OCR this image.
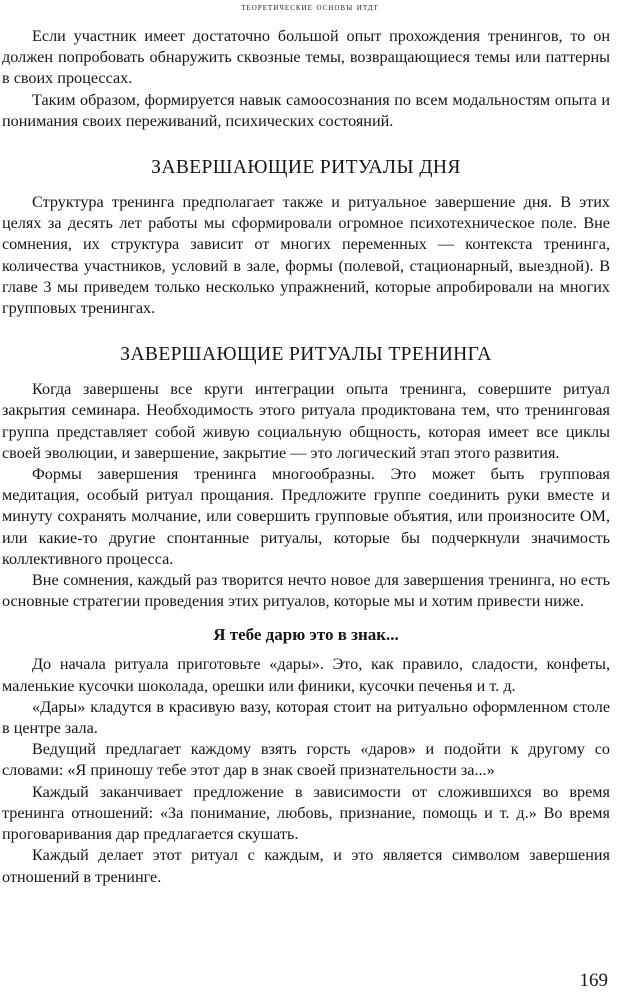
теоретические основы итдт

Если участник имеет достаточно большой опыт прохождения тренингов, то он должен попробовать обнаружить сквозные темы, возвращающиеся темы или паттерны в своих процессах.

Таким образом, формируется навык самоосознания по всем модальностям опыта и понимания своих переживаний, психических состояний.

ЗАВЕРШАЮЩИЕ РИТУАЛЫ ДНЯ

Структура тренинга предполагает также и ритуальное завершение дня. В этих целях за десять лет работы мы сформировали огромное психотехническое поле. Вне сомнения, их структура зависит от многих переменных — контекста тренинга, количества участников, условий в зале, формы (полевой, стационарный, выездной). В главе 3 мы приведем только несколько упражнений, которые апробировали на многих групповых тренингах.

ЗАВЕРШАЮЩИЕ РИТУАЛЫ ТРЕНИНГА

Когда завершены все круги интеграции опыта тренинга, совершите ритуал закрытия семинара. Необходимость этого ритуала продиктована тем, что тренинговая группа представляет собой живую социальную общность, которая имеет все циклы своей эволюции, и завершение, закрытие — это логический этап этого развития.

Формы завершения тренинга многообразны. Это может быть групповая медитация, особый ритуал прощания. Предложите группе соединить руки вместе и минуту сохранять молчание, или совершить групповые объятия, или произносите ОМ, или какие-то другие спонтанные ритуалы, которые бы подчеркнули значимость коллективного процесса.

Вне сомнения, каждый раз творится нечто новое для завершения тренинга, но есть основные стратегии проведения этих ритуалов, которые мы и хотим привести ниже.

Я тебе дарю это в знак...

До начала ритуала приготовьте «дары». Это, как правило, сладости, конфеты, маленькие кусочки шоколада, орешки или финики, кусочки печенья и т. д.

«Дары» кладутся в красивую вазу, которая стоит на ритуально оформленном столе в центре зала.

Ведущий предлагает каждому взять горсть «даров» и подойти к другому со словами: «Я приношу тебе этот дар в знак своей признательности за...»

Каждый заканчивает предложение в зависимости от сложившихся во время тренинга отношений: «За понимание, любовь, признание, помощь и т. д.» Во время проговаривания дар предлагается скушать.

Каждый делает этот ритуал с каждым, и это является символом завершения отношений в тренинге.

169
